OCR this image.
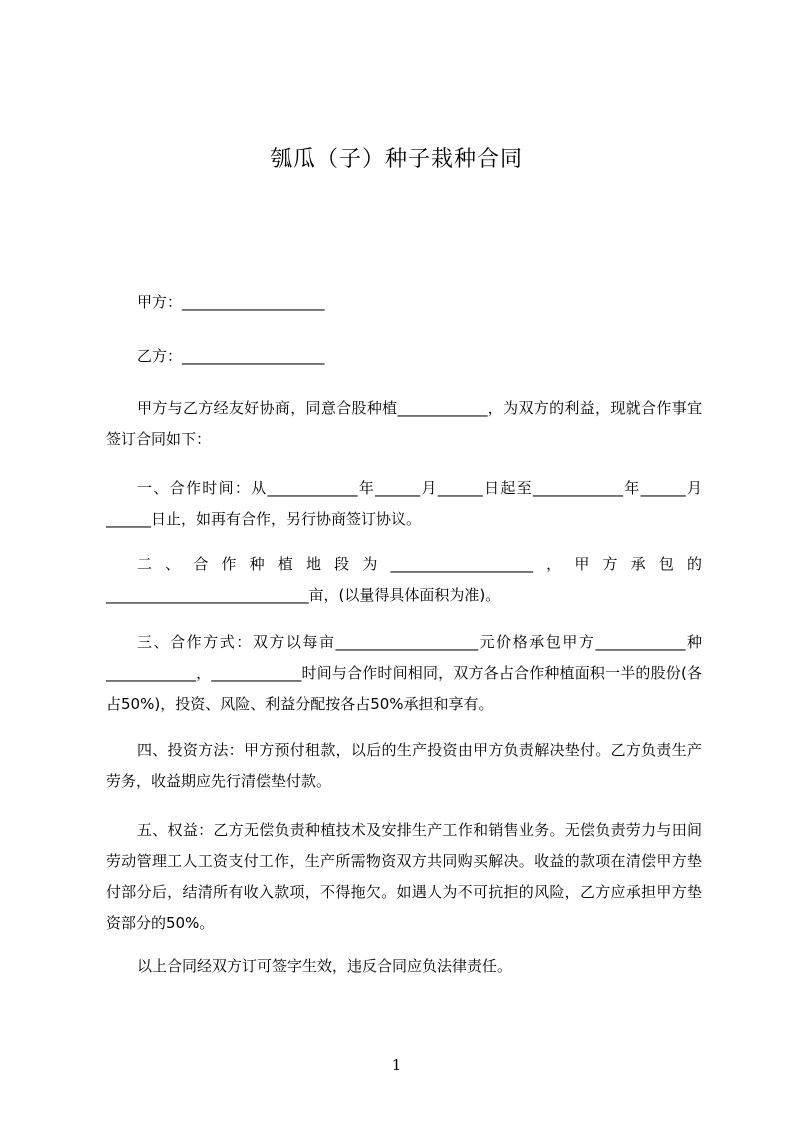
瓠瓜（子）种子栽种合同
甲方：___________________
乙方：___________________
甲方与乙方经友好协商，同意合股种植____________，为双方的利益，现就合作事宜签订合同如下：
一、合作时间：从____________年______月______日起至____________年______月______日止，如再有合作，另行协商签订协议。
二、合作种植地段为___________________，甲方承包的___________________________亩，(以量得具体面积为准)。
三、合作方式：双方以每亩___________________元价格承包甲方____________种____________，____________时间与合作时间相同，双方各占合作种植面积一半的股份(各占50%)，投资、风险、利益分配按各占50%承担和享有。
四、投资方法：甲方预付租款，以后的生产投资由甲方负责解决垫付。乙方负责生产劳务，收益期应先行清偿垫付款。
五、权益：乙方无偿负责种植技术及安排生产工作和销售业务。无偿负责劳力与田间劳动管理工人工资支付工作，生产所需物资双方共同购买解决。收益的款项在清偿甲方垫付部分后，结清所有收入款项，不得拖欠。如遇人为不可抗拒的风险，乙方应承担甲方垫资部分的50%。
以上合同经双方订可签字生效，违反合同应负法律责任。
1
